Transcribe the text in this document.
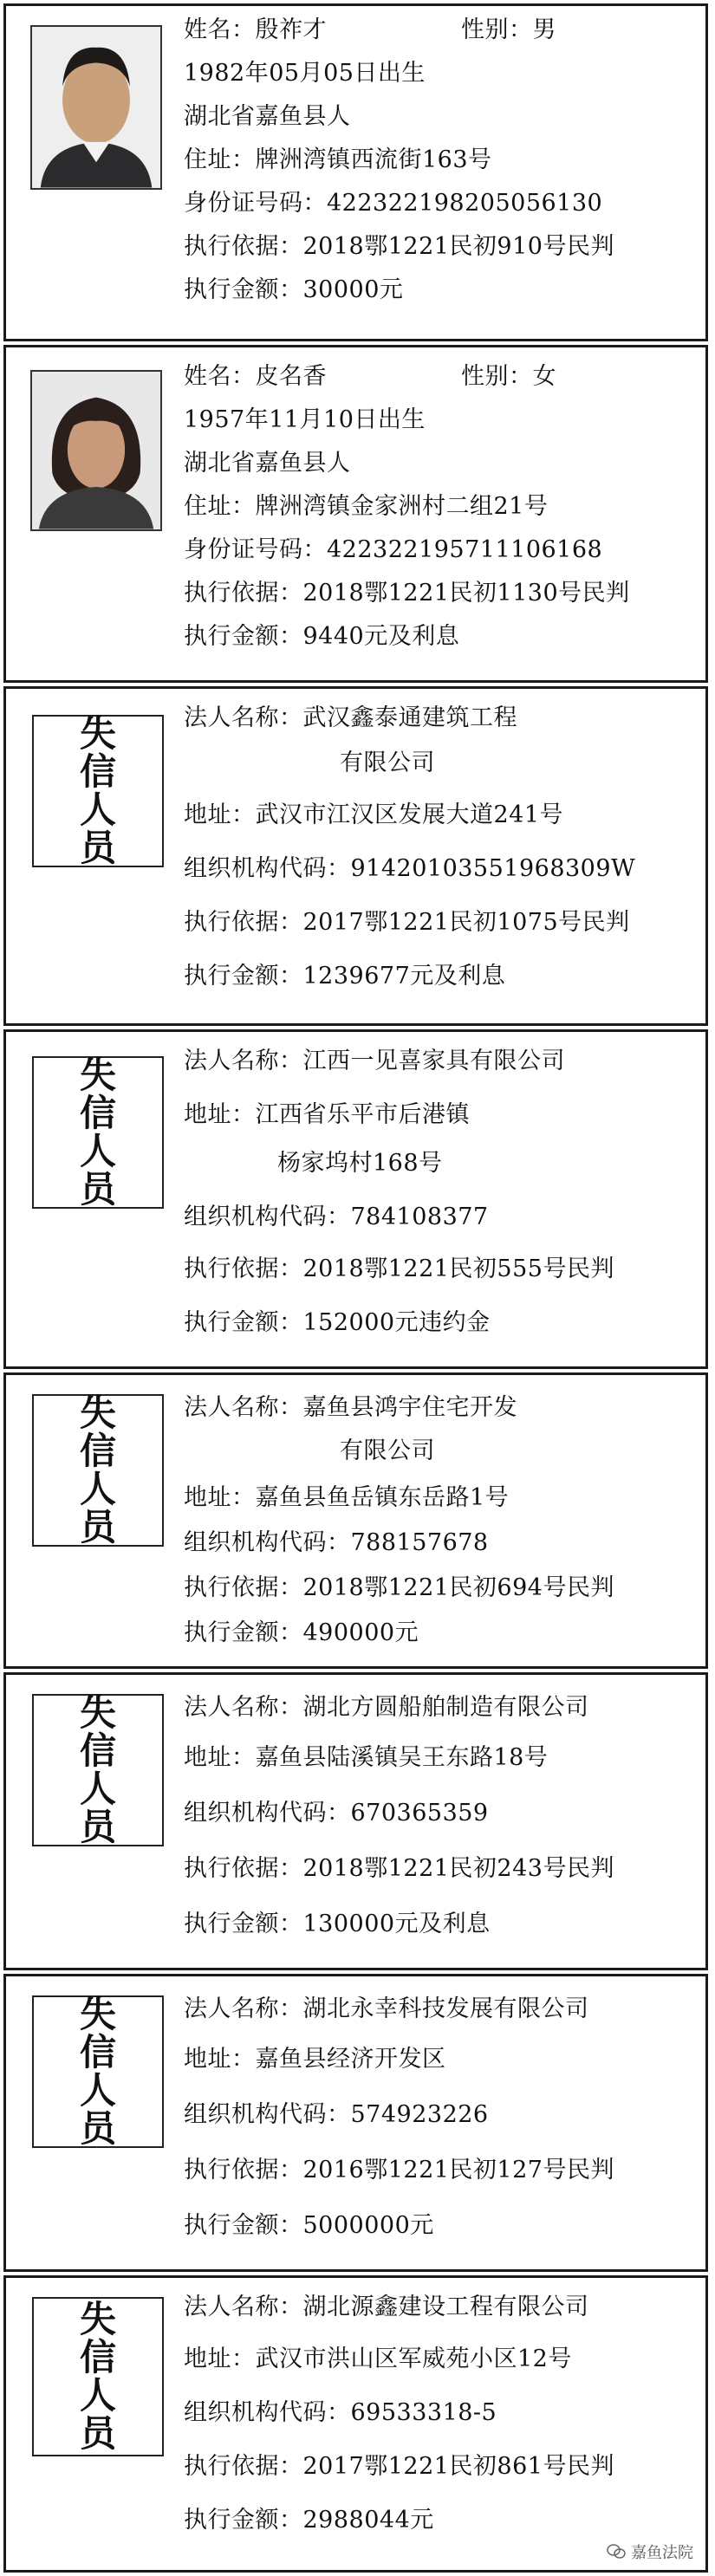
姓名：殷祚才	性别：男
1982年05月05日出生
湖北省嘉鱼县人
住址：牌洲湾镇西流街163号
身份证号码：422322198205056130
执行依据：2018鄂1221民初910号民判
执行金额：30000元
姓名：皮名香	性别：女
1957年11月10日出生
湖北省嘉鱼县人
住址：牌洲湾镇金家洲村二组21号
身份证号码：422322195711106168
执行依据：2018鄂1221民初1130号民判
执行金额：9440元及利息
失
信
人
员
法人名称：武汉鑫泰通建筑工程
有限公司
地址：武汉市江汉区发展大道241号
组织机构代码：91420103551968309W
执行依据：2017鄂1221民初1075号民判
执行金额：1239677元及利息
失
信
人
员
法人名称：江西一见喜家具有限公司
地址：江西省乐平市后港镇
杨家坞村168号
组织机构代码：784108377
执行依据：2018鄂1221民初555号民判
执行金额：152000元违约金
失
信
人
员
法人名称：嘉鱼县鸿宇住宅开发
有限公司
地址：嘉鱼县鱼岳镇东岳路1号
组织机构代码：788157678
执行依据：2018鄂1221民初694号民判
执行金额：490000元
失
信
人
员
法人名称：湖北方圆船舶制造有限公司
地址：嘉鱼县陆溪镇吴王东路18号
组织机构代码：670365359
执行依据：2018鄂1221民初243号民判
执行金额：130000元及利息
失
信
人
员
法人名称：湖北永幸科技发展有限公司
地址：嘉鱼县经济开发区
组织机构代码：574923226
执行依据：2016鄂1221民初127号民判
执行金额：5000000元
失
信
人
员
法人名称：湖北源鑫建设工程有限公司
地址：武汉市洪山区军威苑小区12号
组织机构代码：69533318-5
执行依据：2017鄂1221民初861号民判
执行金额：2988044元
嘉鱼法院
